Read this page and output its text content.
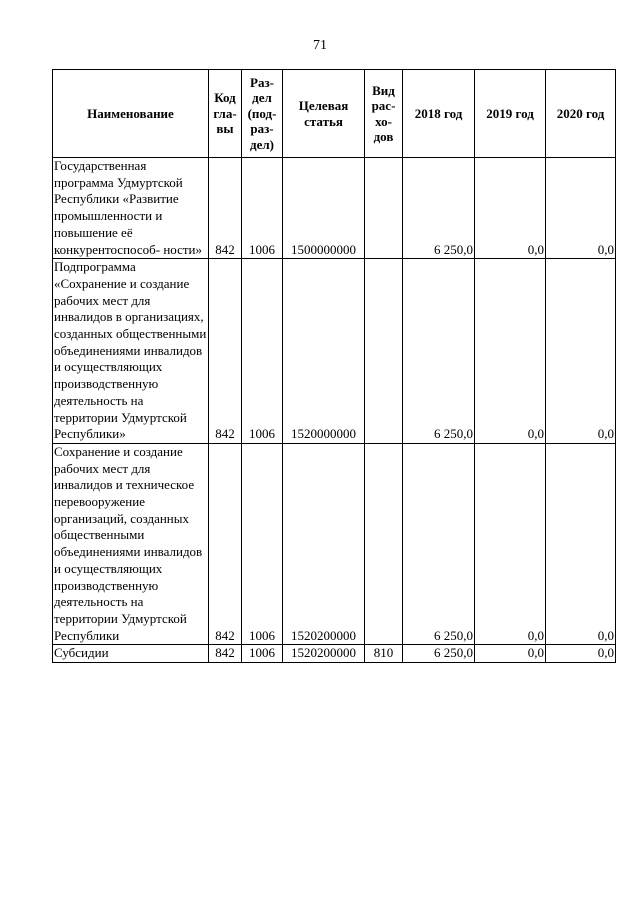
71
Наименование	Код гла- вы	Раз- дел (под- раз- дел)	Целевая статья	Вид рас- хо- дов	2018 год	2019 год	2020 год
Государственная программа Удмуртской Республики «Развитие промышленности и повышение её конкурентоспособ- ности»	842	1006	1500000000		6 250,0	0,0	0,0
Подпрограмма «Сохранение и создание рабочих мест для инвалидов в организациях, созданных общественными объединениями инвалидов и осуществляющих производственную деятельность на территории Удмуртской Республики»	842	1006	1520000000		6 250,0	0,0	0,0
Сохранение и создание рабочих мест для инвалидов и техническое перевооружение организаций, созданных общественными объединениями инвалидов и осуществляющих производственную деятельность на территории Удмуртской Республики	842	1006	1520200000		6 250,0	0,0	0,0
Субсидии	842	1006	1520200000	810	6 250,0	0,0	0,0
